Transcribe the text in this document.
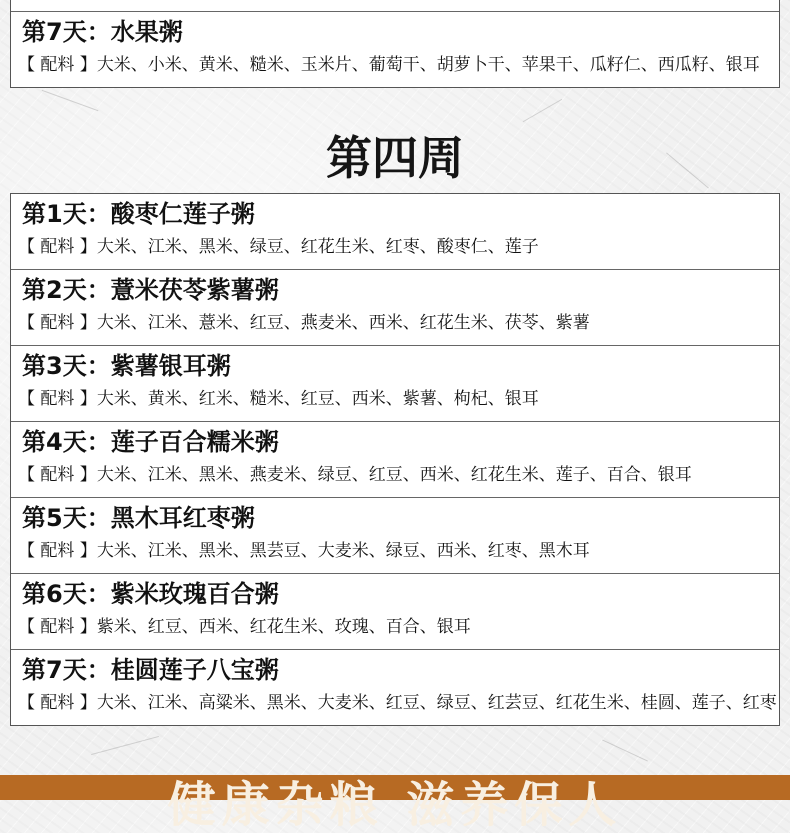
第7天：水果粥
【 配料 】大米、小米、黄米、糙米、玉米片、葡萄干、胡萝卜干、苹果干、瓜籽仁、西瓜籽、银耳
第四周
第1天：酸枣仁莲子粥
【 配料 】大米、江米、黑米、绿豆、红花生米、红枣、酸枣仁、莲子
第2天：薏米茯苓紫薯粥
【 配料 】大米、江米、薏米、红豆、燕麦米、西米、红花生米、茯苓、紫薯
第3天：紫薯银耳粥
【 配料 】大米、黄米、红米、糙米、红豆、西米、紫薯、枸杞、银耳
第4天：莲子百合糯米粥
【 配料 】大米、江米、黑米、燕麦米、绿豆、红豆、西米、红花生米、莲子、百合、银耳
第5天：黑木耳红枣粥
【 配料 】大米、江米、黑米、黑芸豆、大麦米、绿豆、西米、红枣、黑木耳
第6天：紫米玫瑰百合粥
【 配料 】紫米、红豆、西米、红花生米、玫瑰、百合、银耳
第7天：桂圆莲子八宝粥
【 配料 】大米、江米、高粱米、黑米、大麦米、红豆、绿豆、红芸豆、红花生米、桂圆、莲子、红枣
健康杂粮 滋养保人
